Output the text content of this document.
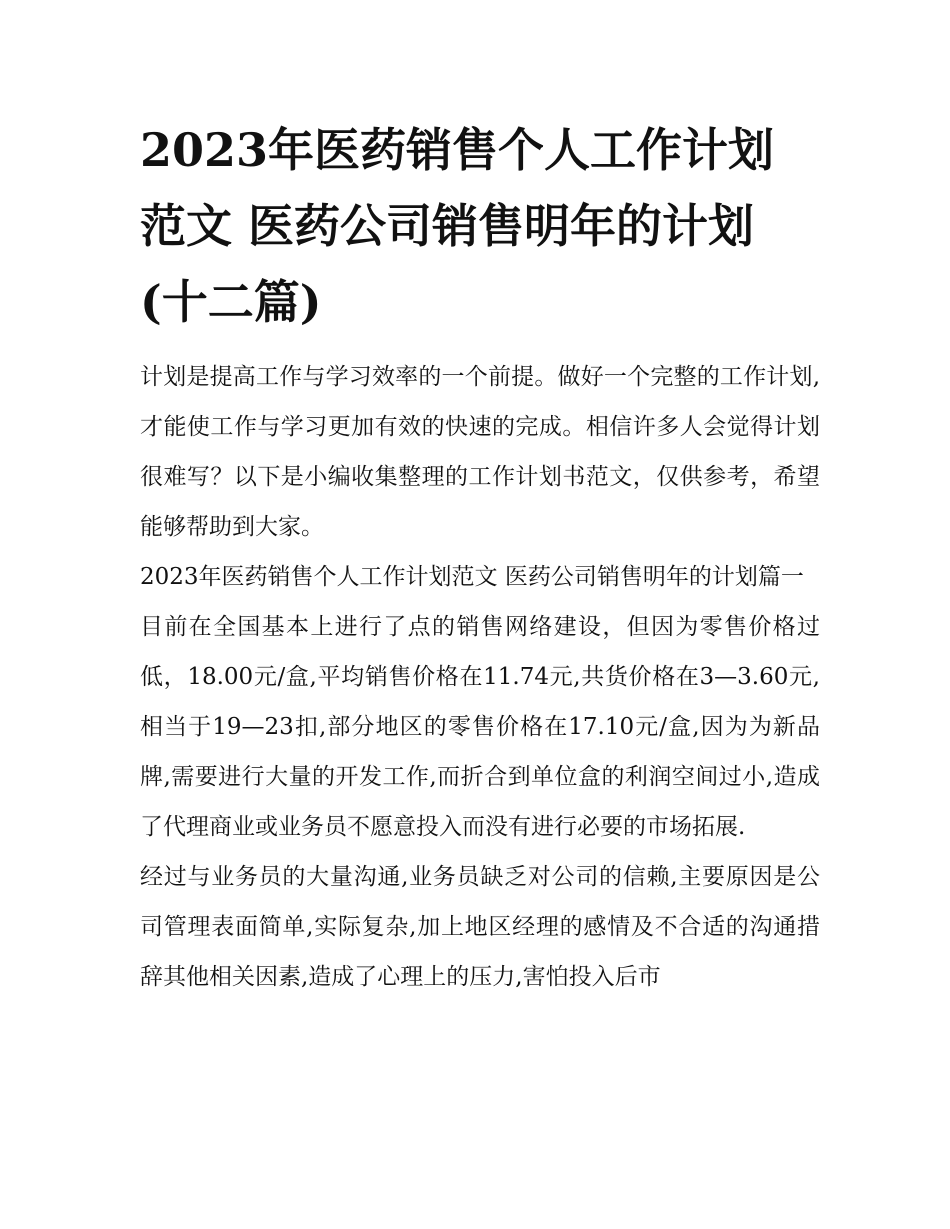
2023年医药销售个人工作计划范文 医药公司销售明年的计划(十二篇)

计划是提高工作与学习效率的一个前提。做好一个完整的工作计划,才能使工作与学习更加有效的快速的完成。相信许多人会觉得计划很难写？以下是小编收集整理的工作计划书范文，仅供参考，希望能够帮助到大家。

2023年医药销售个人工作计划范文 医药公司销售明年的计划篇一

目前在全国基本上进行了点的销售网络建设，但因为零售价格过低，18.00元/盒,平均销售价格在11.74元,共货价格在3—3.60元,相当于19—23扣,部分地区的零售价格在17.10元/盒,因为为新品牌,需要进行大量的开发工作,而折合到单位盒的利润空间过小,造成了代理商业或业务员不愿意投入而没有进行必要的市场拓展.

经过与业务员的大量沟通,业务员缺乏对公司的信赖,主要原因是公司管理表面简单,实际复杂,加上地区经理的感情及不合适的沟通措辞其他相关因素,造成了心理上的压力,害怕投入后市
